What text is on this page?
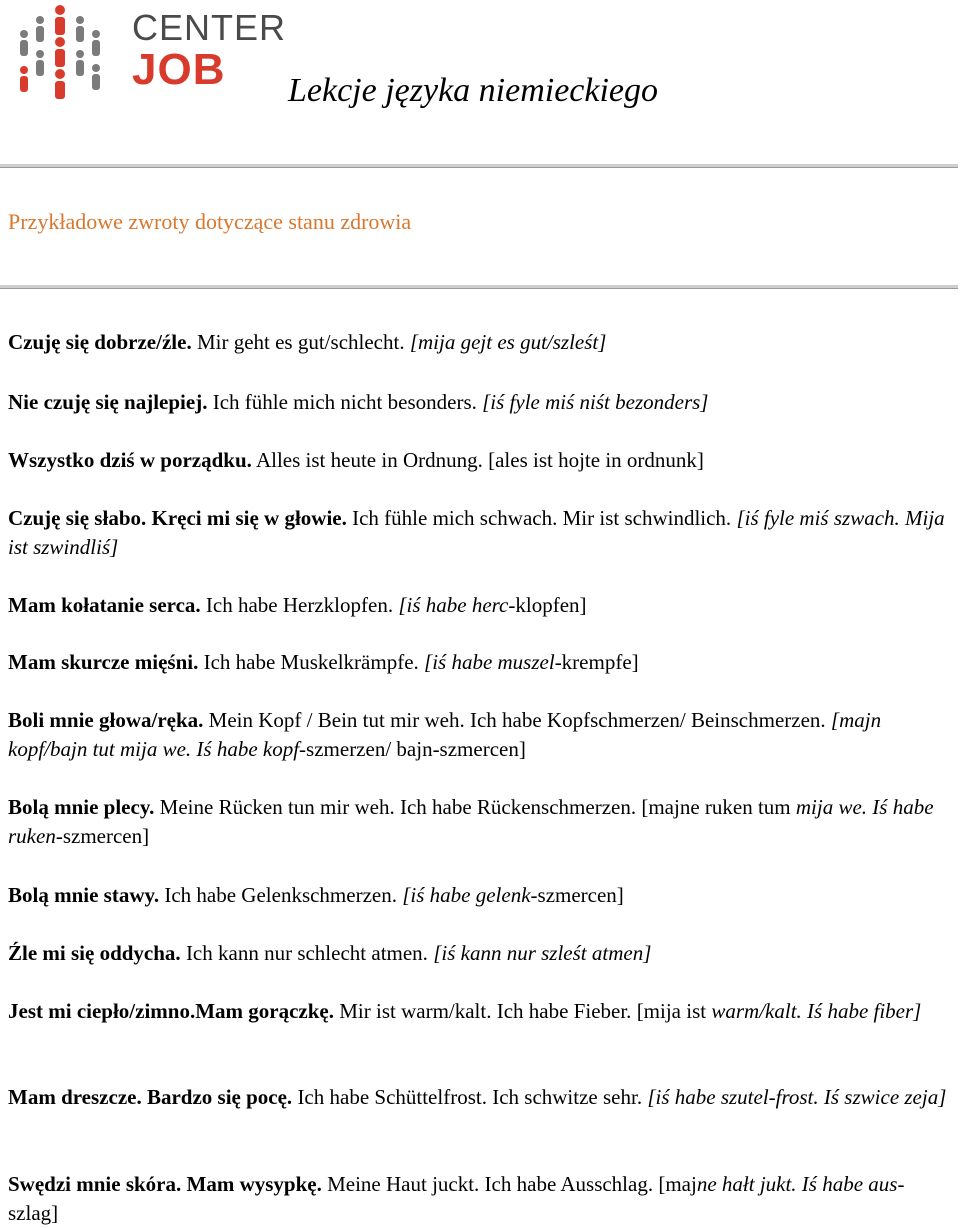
CENTER
JOB	Lekcje języka niemieckiego
Przykładowe zwroty dotyczące stanu zdrowia

Czuję się dobrze/źle. Mir geht es gut/schlecht. [mija gejt es gut/szleśt]

Nie czuję się najlepiej. Ich fühle mich nicht besonders. [iś fyle miś niśt bezonders]

Wszystko dziś w porządku. Alles ist heute in Ordnung. [ales ist hojte in ordnunk]

Czuję się słabo. Kręci mi się w głowie. Ich fühle mich schwach. Mir ist schwindlich. [iś fyle miś szwach. Mija ist szwindliś]

Mam kołatanie serca. Ich habe Herzklopfen. [iś habe herc-klopfen]

Mam skurcze mięśni. Ich habe Muskelkrämpfe. [iś habe muszel-krempfe]

Boli mnie głowa/ręka. Mein Kopf / Bein tut mir weh. Ich habe Kopfschmerzen/ Beinschmerzen. [majn kopf/bajn tut mija we. Iś habe kopf-szmerzen/ bajn-szmercen]

Bolą mnie plecy. Meine Rücken tun mir weh. Ich habe Rückenschmerzen. [majne ruken tum mija we. Iś habe ruken-szmercen]

Bolą mnie stawy. Ich habe Gelenkschmerzen. [iś habe gelenk-szmercen]

Źle mi się oddycha. Ich kann nur schlecht atmen. [iś kann nur szleśt atmen]

Jest mi ciepło/zimno.Mam gorączkę. Mir ist warm/kalt. Ich habe Fieber. [mija ist warm/kalt. Iś habe fiber]

Mam dreszcze. Bardzo się pocę. Ich habe Schüttelfrost. Ich schwitze sehr. [iś habe szutel-frost. Iś szwice zeja]

Swędzi mnie skóra. Mam wysypkę. Meine Haut juckt. Ich habe Ausschlag. [majne hałt jukt. Iś habe aus-szlag]
